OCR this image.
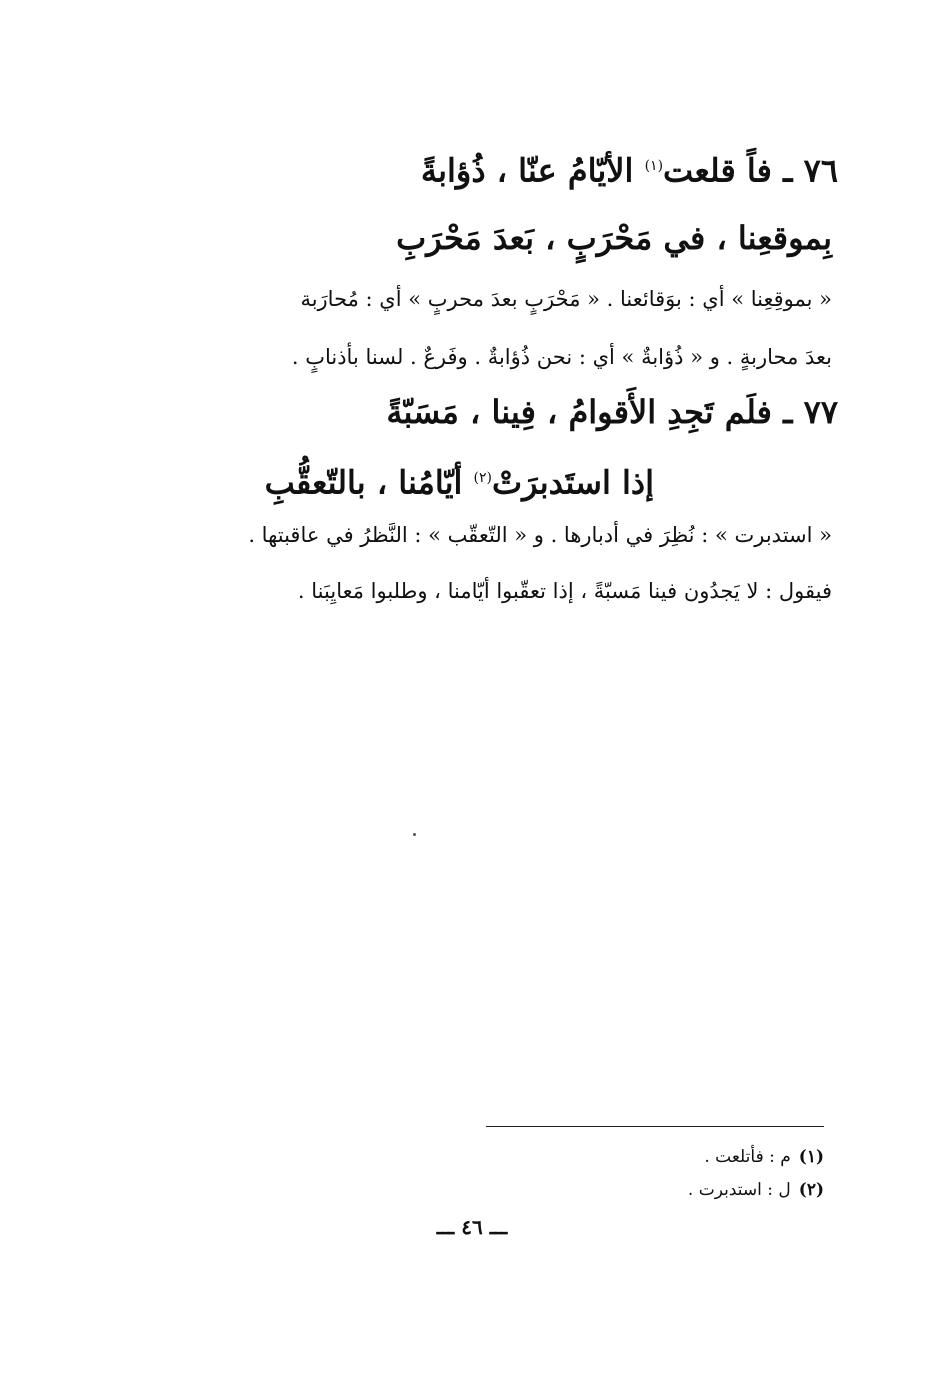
٧٦ ـ فاً قلعت$^{(١)}$ الأيّامُ عنّا ، ذُؤابةً
بِموقعِنا ، في مَحْرَبٍ ، بَعدَ مَحْرَبِ
« بموقِعِنا » أي : بوَقائعنا . « مَحْرَبٍ بعدَ محربٍ » أي : مُحارَبة
بعدَ محاربةٍ . و « ذُؤابةٌ » أي : نحن ذُؤابةٌ . وفَرعٌ . لسنا بأذنابٍ .
٧٧ ـ فلَم تَجِدِ الأَقوامُ ، فِينا ، مَسَبّةً
إذا استَدبرَتْ$^{(٢)}$ أيّامُنا ، بالتّعقُّبِ
« استدبرت » : نُظِرَ في أدبارها . و « التّعقّب » : النَّظرُ في عاقبتها .
فيقول : لا يَجدُون فينا مَسبّةً ، إذا تعقّبوا أيّامنا ، وطلبوا مَعايِبَنا .
(١)م : فأتلعت .
(٢)ل : استدبرت .
ـــ ٤٦ ـــ
